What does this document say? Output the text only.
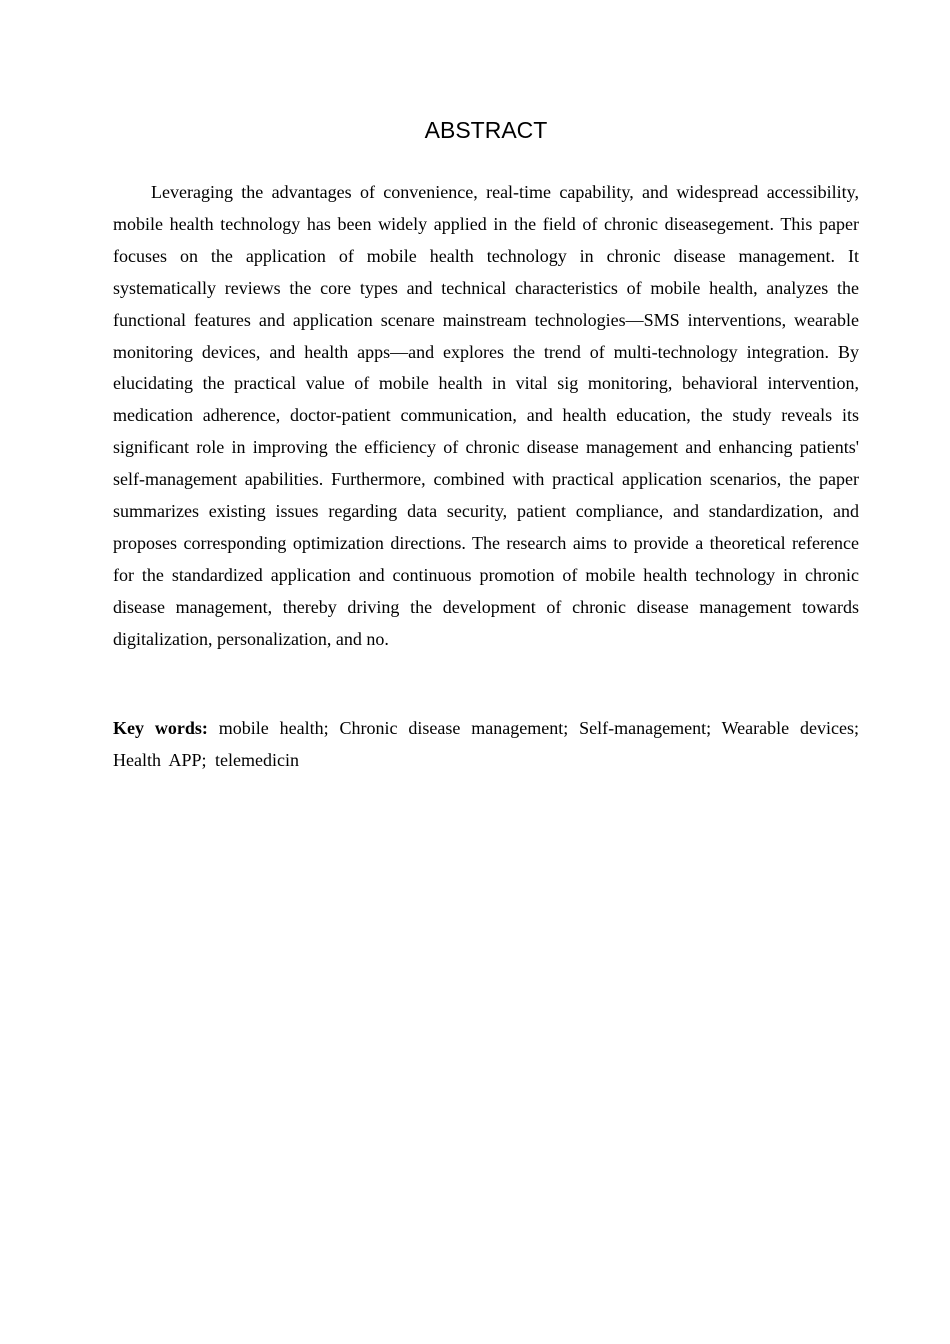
ABSTRACT

Leveraging the advantages of convenience, real-time capability, and widespread accessibility, mobile health technology has been widely applied in the field of chronic diseasegement. This paper focuses on the application of mobile health technology in chronic disease management. It systematically reviews the core types and technical characteristics of mobile health, analyzes the functional features and application scenare mainstream technologies—SMS interventions, wearable monitoring devices, and health apps—and explores the trend of multi-technology integration. By elucidating the practical value of mobile health in vital sig monitoring, behavioral intervention, medication adherence, doctor-patient communication, and health education, the study reveals its significant role in improving the efficiency of chronic disease management and enhancing patients' self-management apabilities. Furthermore, combined with practical application scenarios, the paper summarizes existing issues regarding data security, patient compliance, and standardization, and proposes corresponding optimization directions. The research aims to provide a theoretical reference for the standardized application and continuous promotion of mobile health technology in chronic disease management, thereby driving the development of chronic disease management towards digitalization, personalization, and no.

Key words: mobile health; Chronic disease management; Self-management; Wearable devices; Health APP; telemedicin
